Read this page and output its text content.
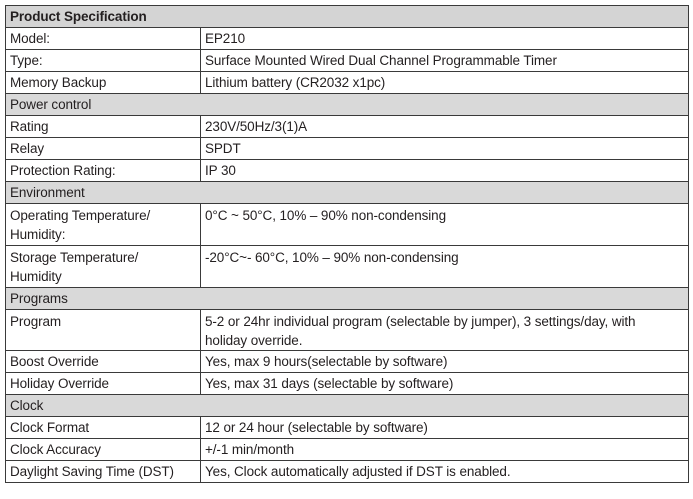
Product Specification	
Model:	EP210
Type:	Surface Mounted Wired Dual Channel Programmable Timer
Memory Backup	Lithium battery (CR2032 x1pc)
Power control	
Rating	230V/50Hz/3(1)A
Relay	SPDT
Protection Rating:	IP 30
Environment	

Operating Temperature/
Humidity:	0°C ~ 50°C, 10% – 90% non-condensing

Storage Temperature/
Humidity	-20°C~- 60°C, 10% – 90% non-condensing
Programs	
Program	5-2 or 24hr individual program (selectable by jumper), 3 settings/day, with
holiday override.

Boost Override	Yes, max 9 hours(selectable by software)
Holiday Override	Yes, max 31 days (selectable by software)
Clock	
Clock Format	12 or 24 hour (selectable by software)
Clock Accuracy	+/-1 min/month
Daylight Saving Time (DST)	Yes, Clock automatically adjusted if DST is enabled.
